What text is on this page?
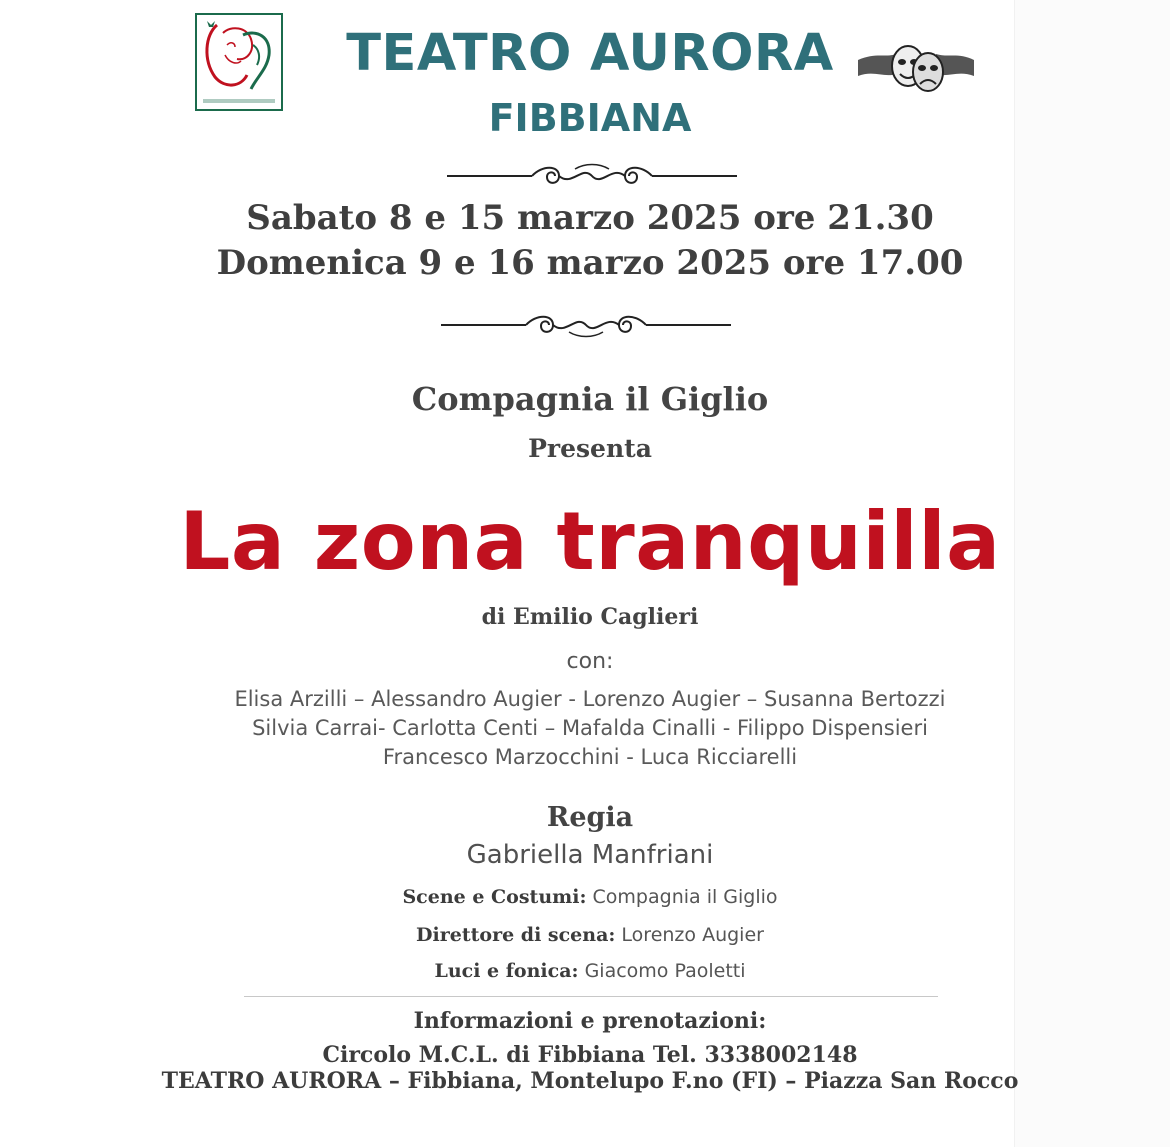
TEATRO AURORA
FIBBIANA
Sabato 8 e 15 marzo 2025 ore 21.30
Domenica 9 e 16 marzo 2025 ore 17.00
Compagnia il Giglio
Presenta
La zona tranquilla
di Emilio Caglieri
con:
Elisa Arzilli – Alessandro Augier - Lorenzo Augier – Susanna Bertozzi
Silvia Carrai- Carlotta Centi – Mafalda Cinalli - Filippo Dispensieri
Francesco Marzocchini - Luca Ricciarelli
Regia
Gabriella Manfriani
Scene e Costumi: Compagnia il Giglio
Direttore di scena: Lorenzo Augier
Luci e fonica: Giacomo Paoletti
Informazioni e prenotazioni:
Circolo M.C.L. di Fibbiana Tel. 3338002148
TEATRO AURORA – Fibbiana, Montelupo F.no (FI) – Piazza San Rocco
